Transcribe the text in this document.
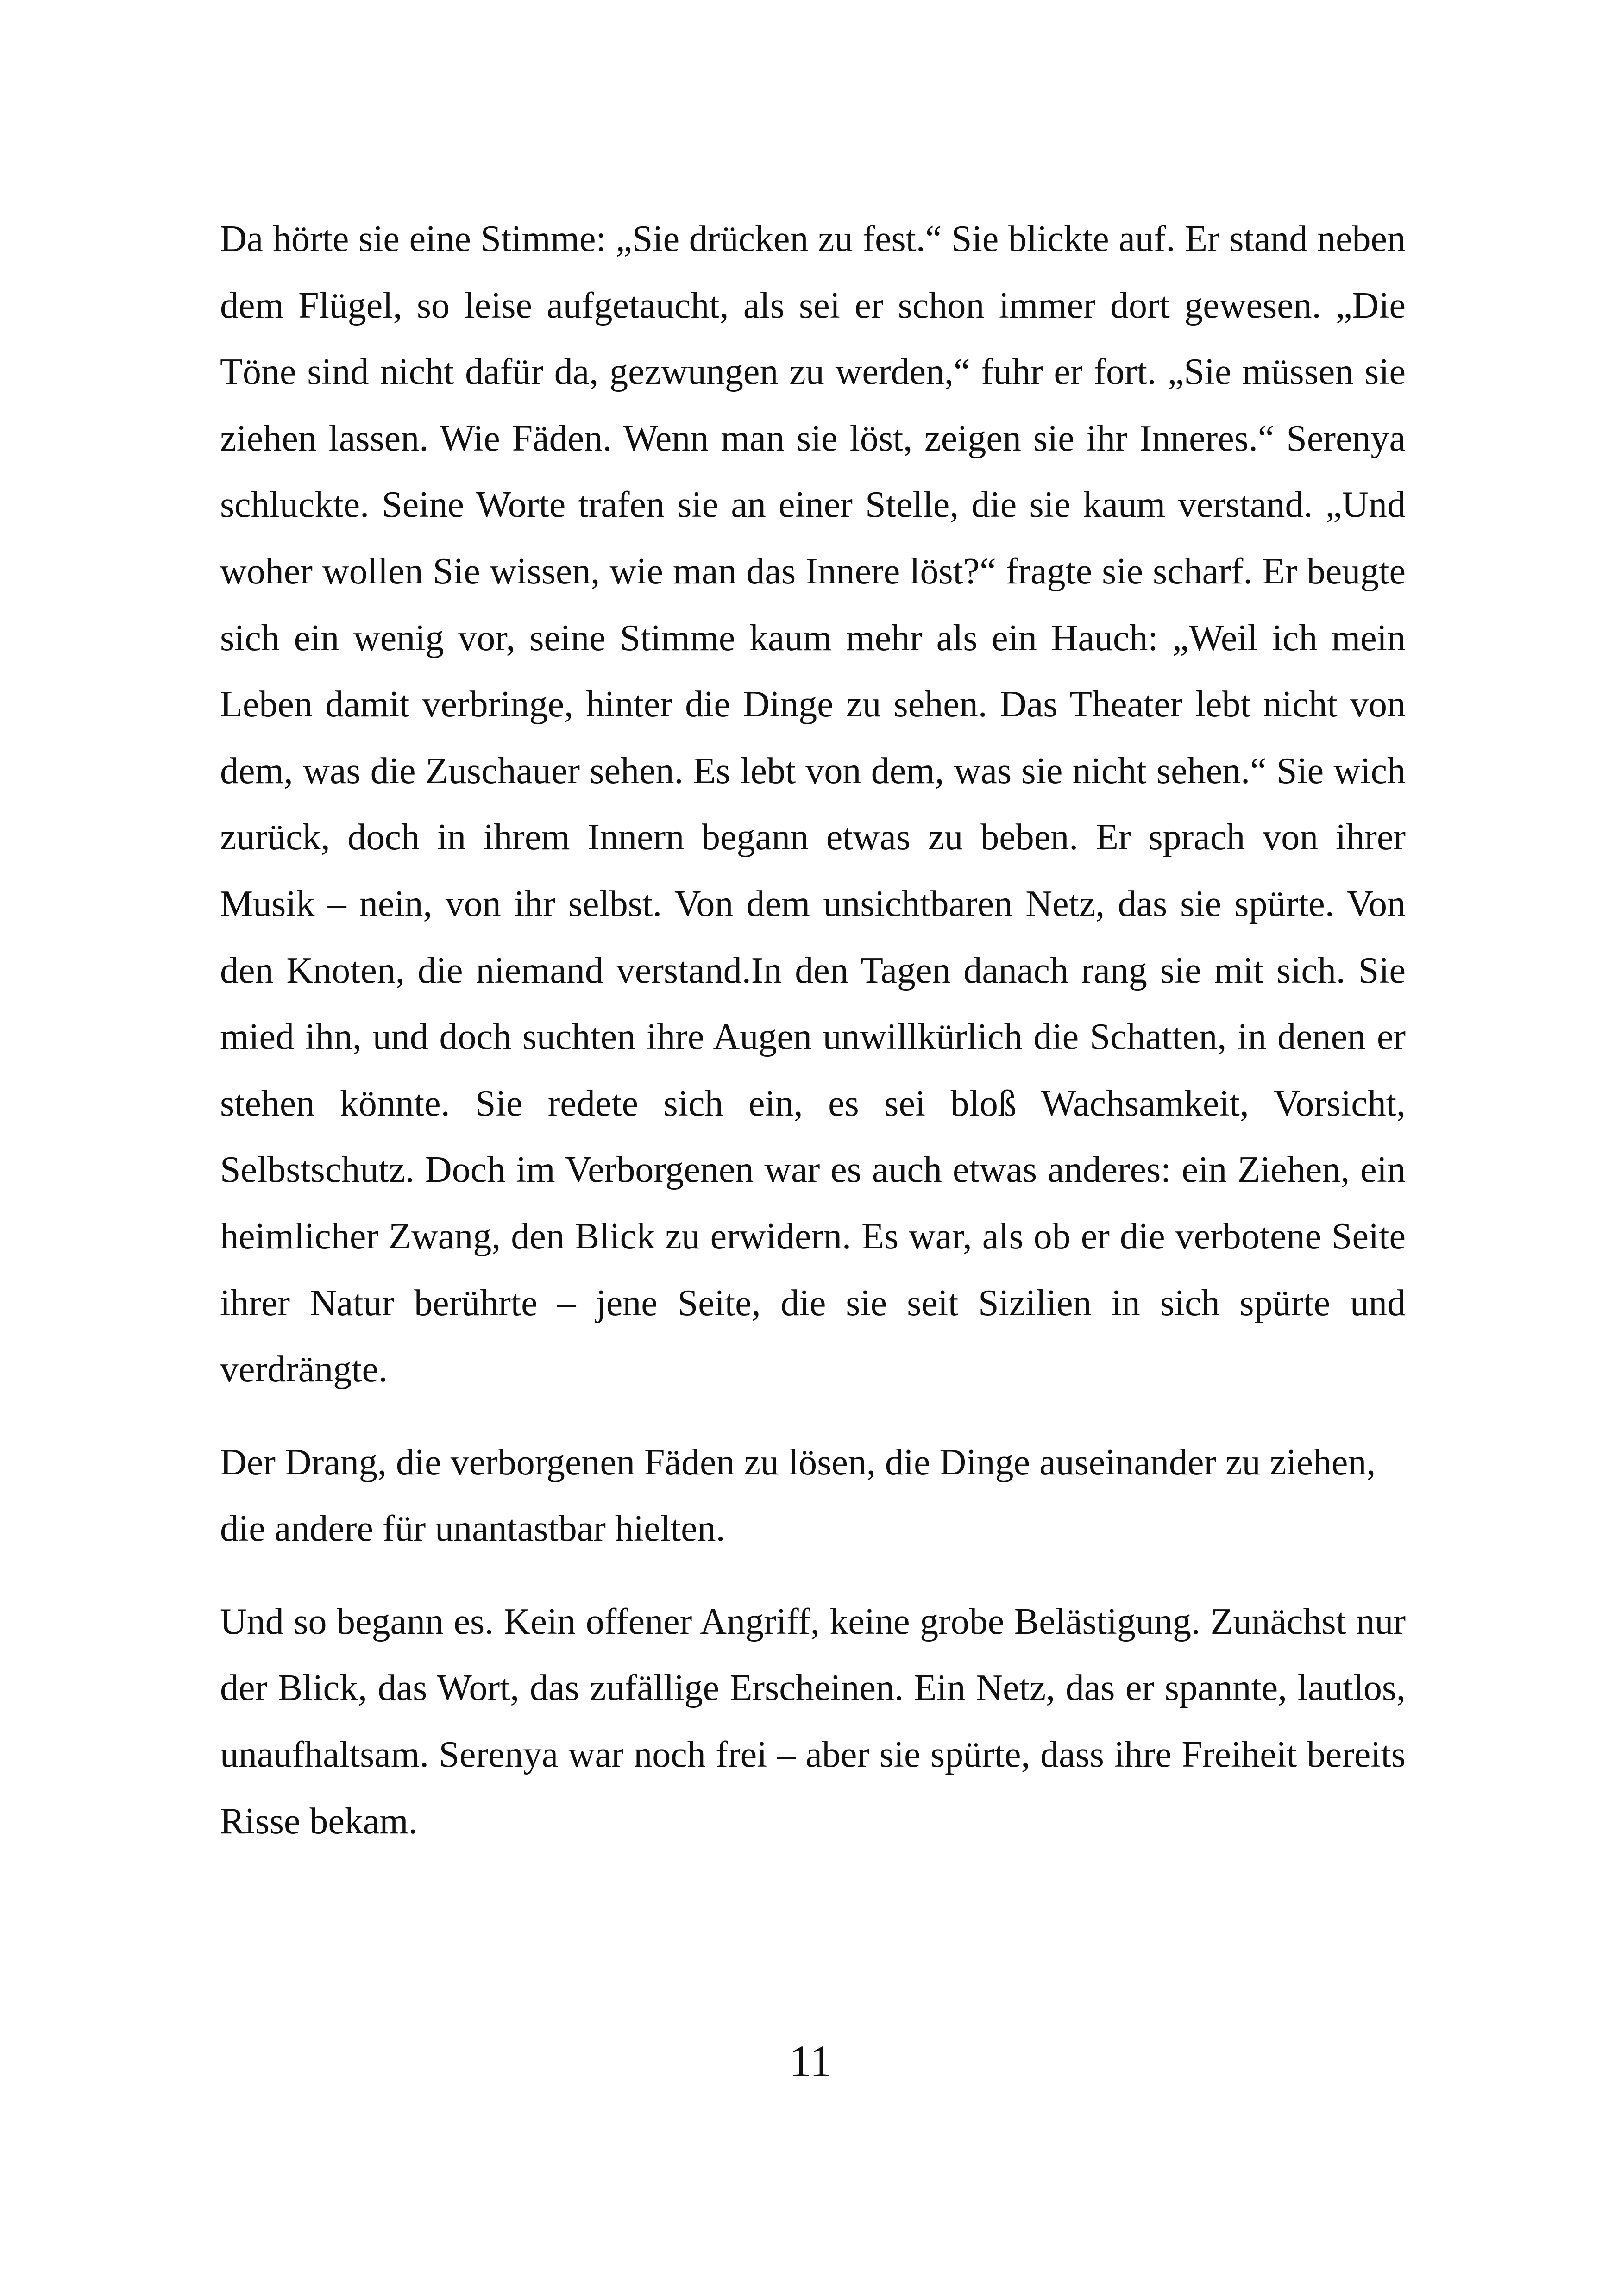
Da hörte sie eine Stimme: „Sie drücken zu fest.“ Sie blickte auf. Er stand neben dem Flügel, so leise aufgetaucht, als sei er schon immer dort gewesen. „Die Töne sind nicht dafür da, gezwungen zu werden,“ fuhr er fort. „Sie müssen sie ziehen lassen. Wie Fäden. Wenn man sie löst, zeigen sie ihr Inneres.“ Serenya schluckte. Seine Worte trafen sie an einer Stelle, die sie kaum verstand. „Und woher wollen Sie wissen, wie man das Innere löst?“ fragte sie scharf. Er beugte sich ein wenig vor, seine Stimme kaum mehr als ein Hauch: „Weil ich mein Leben damit verbringe, hinter die Dinge zu sehen. Das Theater lebt nicht von dem, was die Zuschauer sehen. Es lebt von dem, was sie nicht sehen.“ Sie wich zurück, doch in ihrem Innern begann etwas zu beben. Er sprach von ihrer Musik – nein, von ihr selbst. Von dem unsichtbaren Netz, das sie spürte. Von den Knoten, die niemand verstand.In den Tagen danach rang sie mit sich. Sie mied ihn, und doch suchten ihre Augen unwillkürlich die Schatten, in denen er stehen könnte. Sie redete sich ein, es sei bloß Wachsamkeit, Vorsicht, Selbstschutz. Doch im Verborgenen war es auch etwas anderes: ein Ziehen, ein heimlicher Zwang, den Blick zu erwidern. Es war, als ob er die verbotene Seite ihrer Natur berührte – jene Seite, die sie seit Sizilien in sich spürte und verdrängte.

Der Drang, die verborgenen Fäden zu lösen, die Dinge auseinander zu ziehen, die andere für unantastbar hielten.

Und so begann es. Kein offener Angriff, keine grobe Belästigung. Zunächst nur der Blick, das Wort, das zufällige Erscheinen. Ein Netz, das er spannte, lautlos, unaufhaltsam. Serenya war noch frei – aber sie spürte, dass ihre Freiheit bereits Risse bekam.

11
